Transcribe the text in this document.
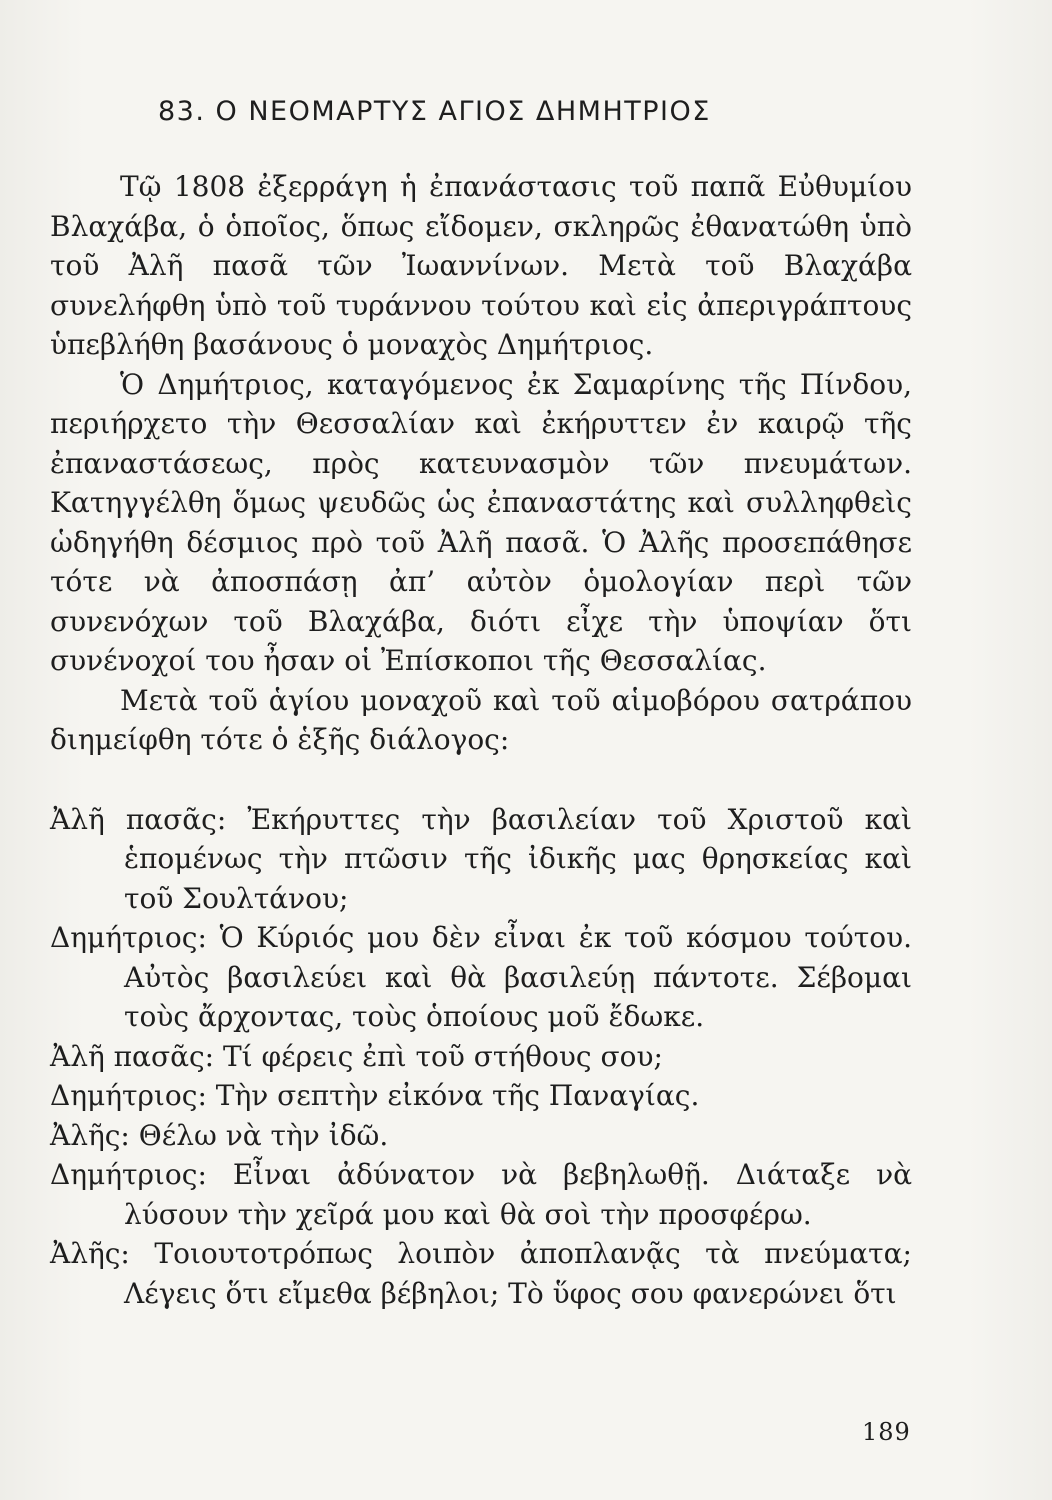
83. Ο ΝΕΟΜΑΡΤΥΣ ΑΓΙΟΣ ΔΗΜΗΤΡΙΟΣ

Τῷ 1808 ἐξερράγη ἡ ἐπανάστασις τοῦ παπᾶ Εὐθυμίου Βλαχάβα, ὁ ὁποῖος, ὅπως εἴδομεν, σκληρῶς ἐθανατώθη ὑπὸ τοῦ Ἀλῆ πασᾶ τῶν Ἰωαννίνων. Μετὰ τοῦ Βλαχάβα συνελήφθη ὑπὸ τοῦ τυράννου τούτου καὶ εἰς ἀπεριγράπτους ὑπεβλήθη βασάνους ὁ μοναχὸς Δημήτριος.

Ὁ Δημήτριος, καταγόμενος ἐκ Σαμαρίνης τῆς Πίνδου, περιήρχετο τὴν Θεσσαλίαν καὶ ἐκήρυττεν ἐν καιρῷ τῆς ἐπαναστάσεως, πρὸς κατευνασμὸν τῶν πνευμάτων. Κατηγγέλθη ὅμως ψευδῶς ὡς ἐπαναστάτης καὶ συλληφθεὶς ὡδηγήθη δέσμιος πρὸ τοῦ Ἀλῆ πασᾶ. Ὁ Ἀλῆς προσεπάθησε τότε νὰ ἀποσπάσῃ ἀπ’ αὐτὸν ὁμολογίαν περὶ τῶν συνενόχων τοῦ Βλαχάβα, διότι εἶχε τὴν ὑποψίαν ὅτι συνένοχοί του ἦσαν οἱ Ἐπίσκοποι τῆς Θεσσαλίας.

Μετὰ τοῦ ἁγίου μοναχοῦ καὶ τοῦ αἱμοβόρου σατράπου διημείφθη τότε ὁ ἑξῆς διάλογος:

Ἀλῆ πασᾶς: Ἐκήρυττες τὴν βασιλείαν τοῦ Χριστοῦ καὶ ἑπομένως τὴν πτῶσιν τῆς ἰδικῆς μας θρησκείας καὶ τοῦ Σουλτάνου;

Δημήτριος: Ὁ Κύριός μου δὲν εἶναι ἐκ τοῦ κόσμου τούτου. Αὐτὸς βασιλεύει καὶ θὰ βασιλεύῃ πάντοτε. Σέβομαι τοὺς ἄρχοντας, τοὺς ὁποίους μοῦ ἔδωκε.

Ἀλῆ πασᾶς: Τί φέρεις ἐπὶ τοῦ στήθους σου;

Δημήτριος: Τὴν σεπτὴν εἰκόνα τῆς Παναγίας.

Ἀλῆς: Θέλω νὰ τὴν ἰδῶ.

Δημήτριος: Εἶναι ἀδύνατον νὰ βεβηλωθῇ. Διάταξε νὰ λύσουν τὴν χεῖρά μου καὶ θὰ σοὶ τὴν προσφέρω.

Ἀλῆς: Τοιουτοτρόπως λοιπὸν ἀποπλανᾷς τὰ πνεύματα; Λέγεις ὅτι εἴμεθα βέβηλοι; Τὸ ὕφος σου φανερώνει ὅτι

189
